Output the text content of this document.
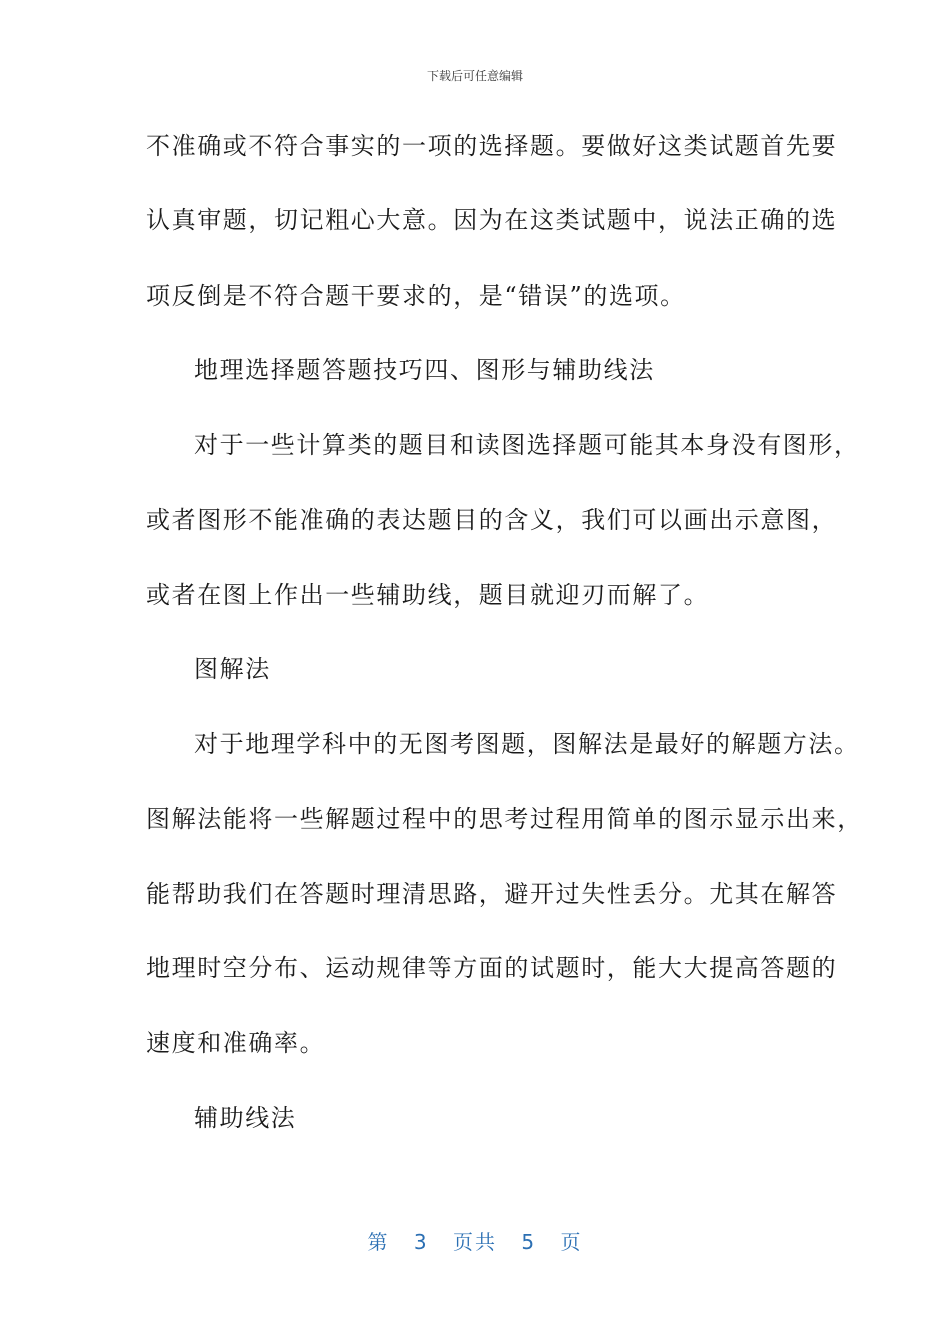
下载后可任意编辑
不准确或不符合事实的一项的选择题。要做好这类试题首先要
认真审题，切记粗心大意。因为在这类试题中，说法正确的选
项反倒是不符合题干要求的，是“错误”的选项。
地理选择题答题技巧四、图形与辅助线法
对于一些计算类的题目和读图选择题可能其本身没有图形，
或者图形不能准确的表达题目的含义，我们可以画出示意图，
或者在图上作出一些辅助线，题目就迎刃而解了。
图解法
对于地理学科中的无图考图题，图解法是最好的解题方法。
图解法能将一些解题过程中的思考过程用简单的图示显示出来，
能帮助我们在答题时理清思路，避开过失性丢分。尤其在解答
地理时空分布、运动规律等方面的试题时，能大大提高答题的
速度和准确率。
辅助线法
第 3 页共 5 页
